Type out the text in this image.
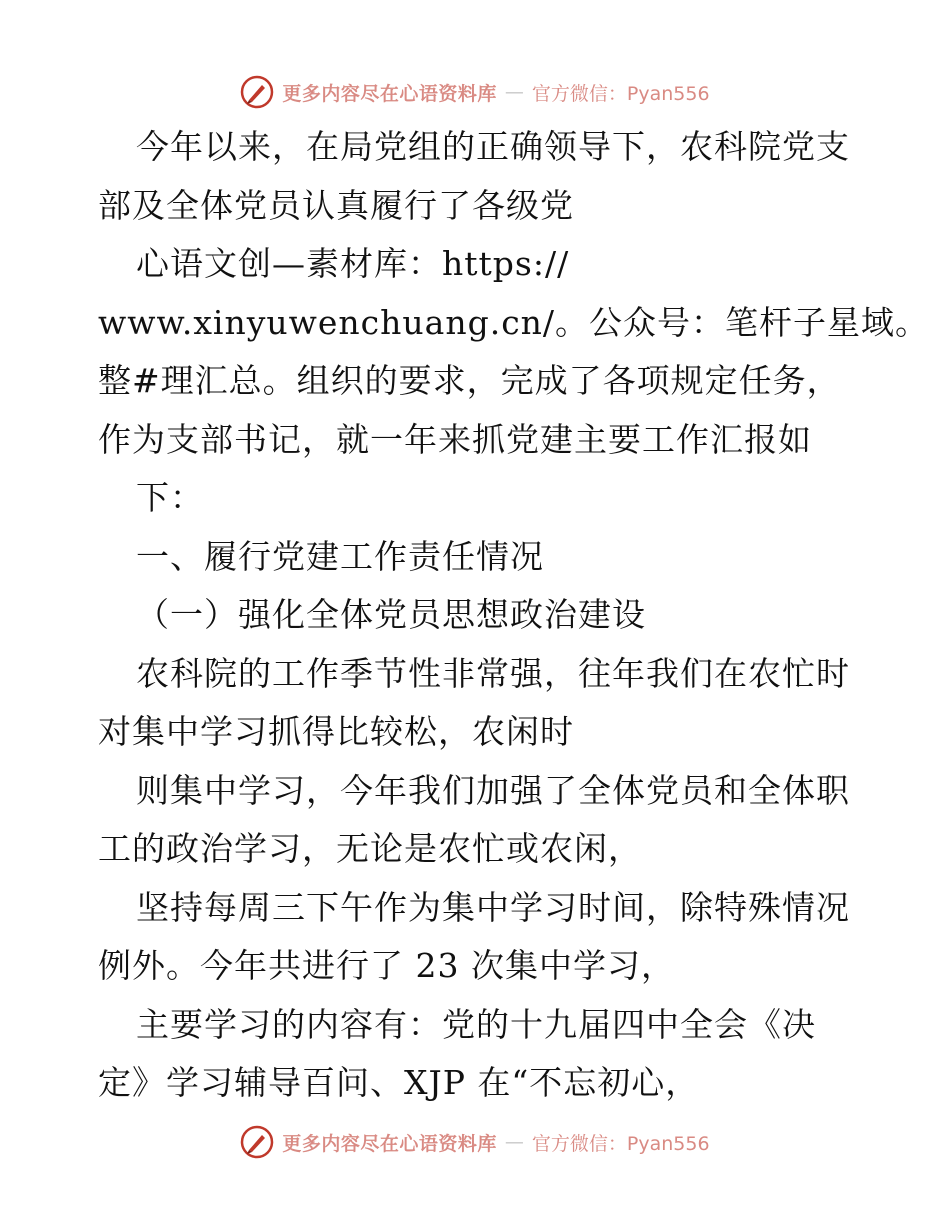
更多内容尽在心语资料库 — 官方微信：Pyan556
今年以来，在局党组的正确领导下，农科院党支
部及全体党员认真履行了各级党
心语文创—素材库：https://
www.xinyuwenchuang.cn/。公众号：笔杆子星域。
整#理汇总。组织的要求，完成了各项规定任务，
作为支部书记，就一年来抓党建主要工作汇报如
下：
一、履行党建工作责任情况
（一）强化全体党员思想政治建设
农科院的工作季节性非常强，往年我们在农忙时
对集中学习抓得比较松，农闲时
则集中学习，今年我们加强了全体党员和全体职
工的政治学习，无论是农忙或农闲，
坚持每周三下午作为集中学习时间，除特殊情况
例外。今年共进行了 23 次集中学习，
主要学习的内容有：党的十九届四中全会《决
定》学习辅导百问、XJP 在“不忘初心，
更多内容尽在心语资料库 — 官方微信：Pyan556
